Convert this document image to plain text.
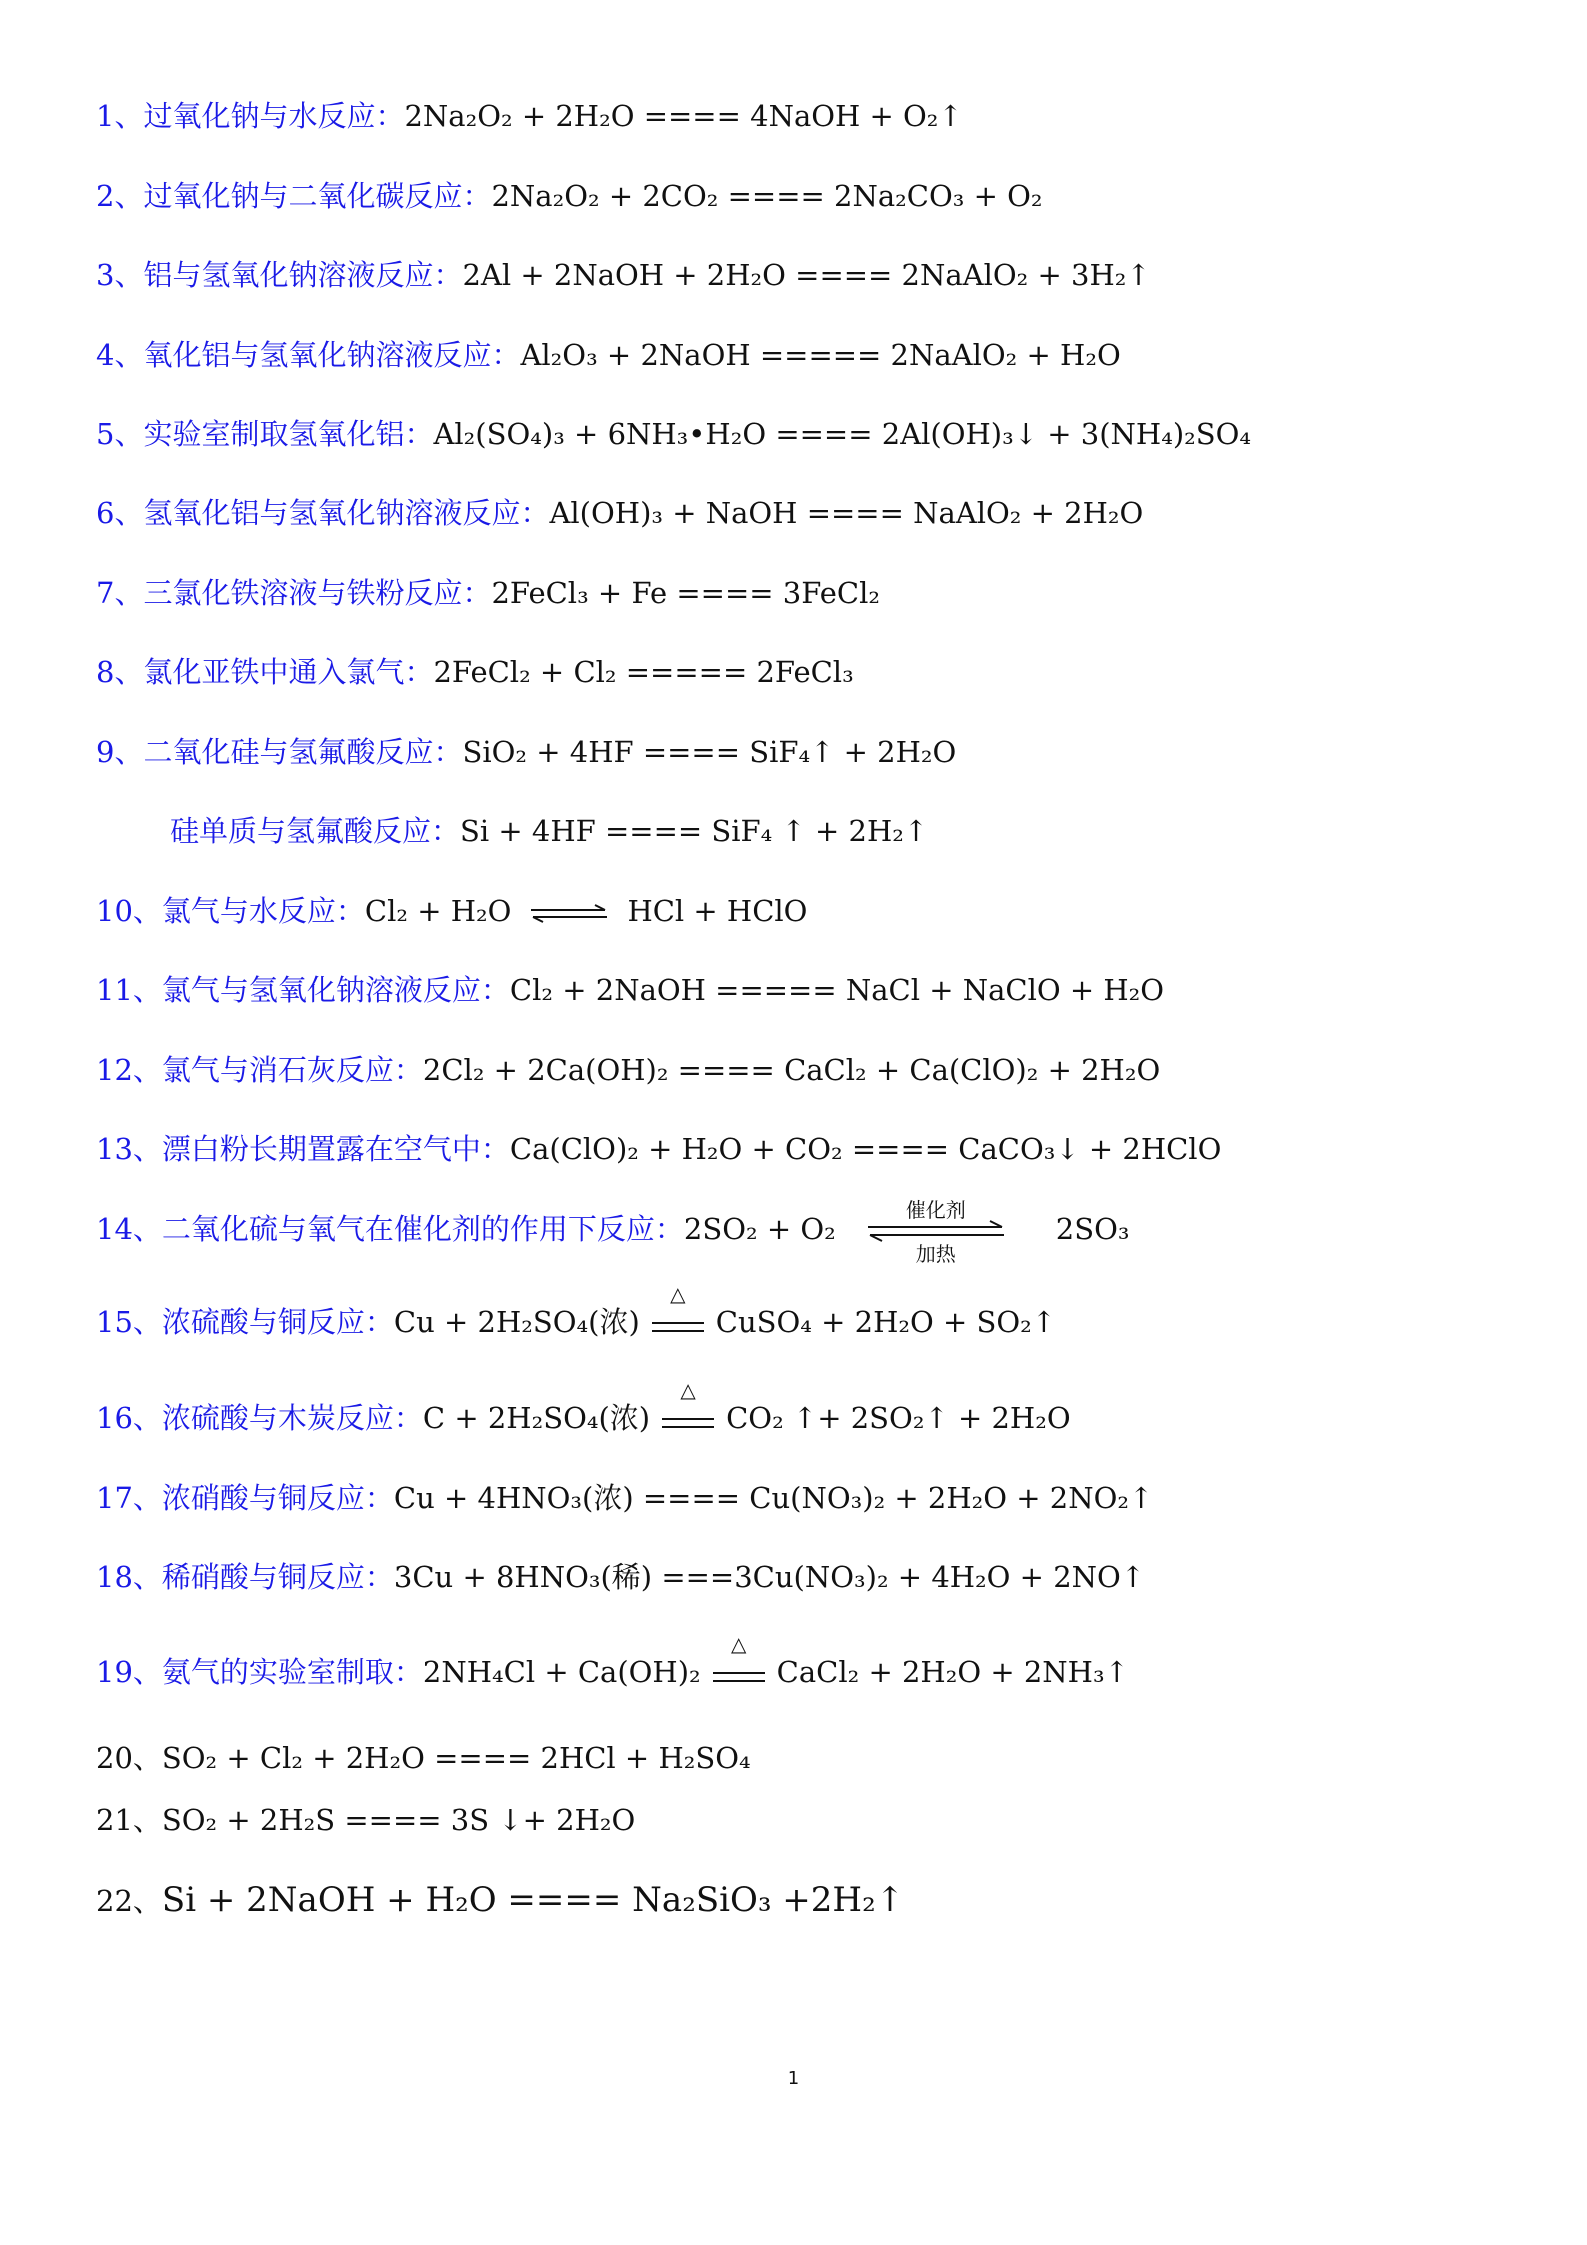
1、过氧化钠与水反应：2Na₂O₂ + 2H₂O ==== 4NaOH + O₂↑
2、过氧化钠与二氧化碳反应：2Na₂O₂ + 2CO₂ ==== 2Na₂CO₃ + O₂
3、铝与氢氧化钠溶液反应：2Al + 2NaOH + 2H₂O ==== 2NaAlO₂ + 3H₂↑
4、氧化铝与氢氧化钠溶液反应：Al₂O₃ + 2NaOH ===== 2NaAlO₂ + H₂O
5、实验室制取氢氧化铝：Al₂(SO₄)₃ + 6NH₃•H₂O ==== 2Al(OH)₃↓ + 3(NH₄)₂SO₄
6、氢氧化铝与氢氧化钠溶液反应：Al(OH)₃ + NaOH ==== NaAlO₂ + 2H₂O
7、三氯化铁溶液与铁粉反应：2FeCl₃ + Fe ==== 3FeCl₂
8、氯化亚铁中通入氯气：2FeCl₂ + Cl₂ ===== 2FeCl₃
9、二氧化硅与氢氟酸反应：SiO₂ + 4HF ==== SiF₄↑ + 2H₂O
硅单质与氢氟酸反应：Si + 4HF ==== SiF₄ ↑ + 2H₂↑
10、氯气与水反应：Cl₂ + H₂O ⇌ HCl + HClO
11、氯气与氢氧化钠溶液反应：Cl₂ + 2NaOH ===== NaCl + NaClO + H₂O
12、氯气与消石灰反应：2Cl₂ + 2Ca(OH)₂ ==== CaCl₂ + Ca(ClO)₂ + 2H₂O
13、漂白粉长期置露在空气中：Ca(ClO)₂ + H₂O + CO₂ ==== CaCO₃↓ + 2HClO
14、二氧化硫与氧气在催化剂的作用下反应：2SO₂ + O₂
催化剂
加热
2SO₃
15、浓硫酸与铜反应：Cu + 2H₂SO₄(浓)
△
CuSO₄ + 2H₂O + SO₂↑
16、浓硫酸与木炭反应：C + 2H₂SO₄(浓)
△
CO₂ ↑+ 2SO₂↑ + 2H₂O
17、浓硝酸与铜反应：Cu + 4HNO₃(浓) ==== Cu(NO₃)₂ + 2H₂O + 2NO₂↑
18、稀硝酸与铜反应：3Cu + 8HNO₃(稀) ===3Cu(NO₃)₂ + 4H₂O + 2NO↑
19、氨气的实验室制取：2NH₄Cl + Ca(OH)₂
△
CaCl₂ + 2H₂O + 2NH₃↑
20、SO₂ + Cl₂ + 2H₂O ==== 2HCl + H₂SO₄
21、SO₂ + 2H₂S ==== 3S ↓+ 2H₂O
22、Si + 2NaOH + H₂O ==== Na₂SiO₃ +2H₂↑
1
